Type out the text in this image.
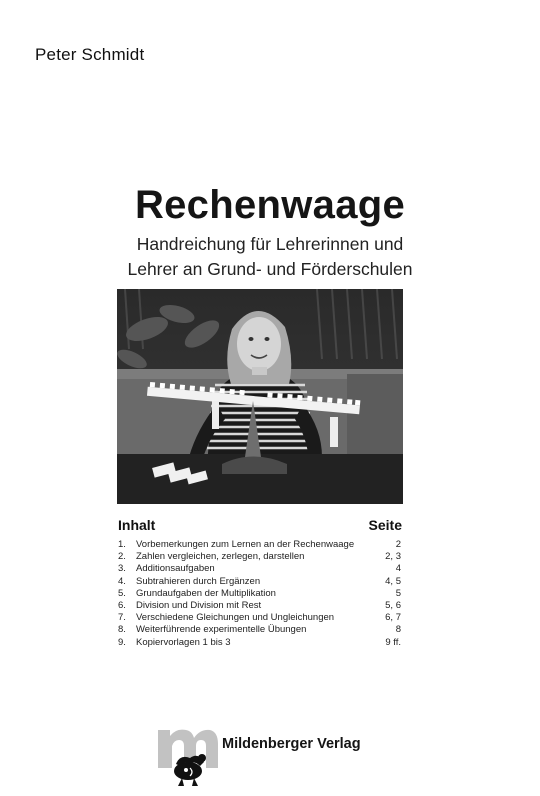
Peter Schmidt
Rechenwaage
Handreichung für Lehrerinnen und
Lehrer an Grund- und Förderschulen
Inhalt	Seite
1. Vorbemerkungen zum Lernen an der Rechenwaage	2
2. Zahlen vergleichen, zerlegen, darstellen	2, 3
3. Additionsaufgaben	4
4. Subtrahieren durch Ergänzen	4, 5
5. Grundaufgaben der Multiplikation	5
6. Division und Division mit Rest	5, 6
7. Verschiedene Gleichungen und Ungleichungen	6, 7
8. Weiterführende experimentelle Übungen	8
9. Kopiervorlagen 1 bis 3	9 ff.
Mildenberger Verlag
